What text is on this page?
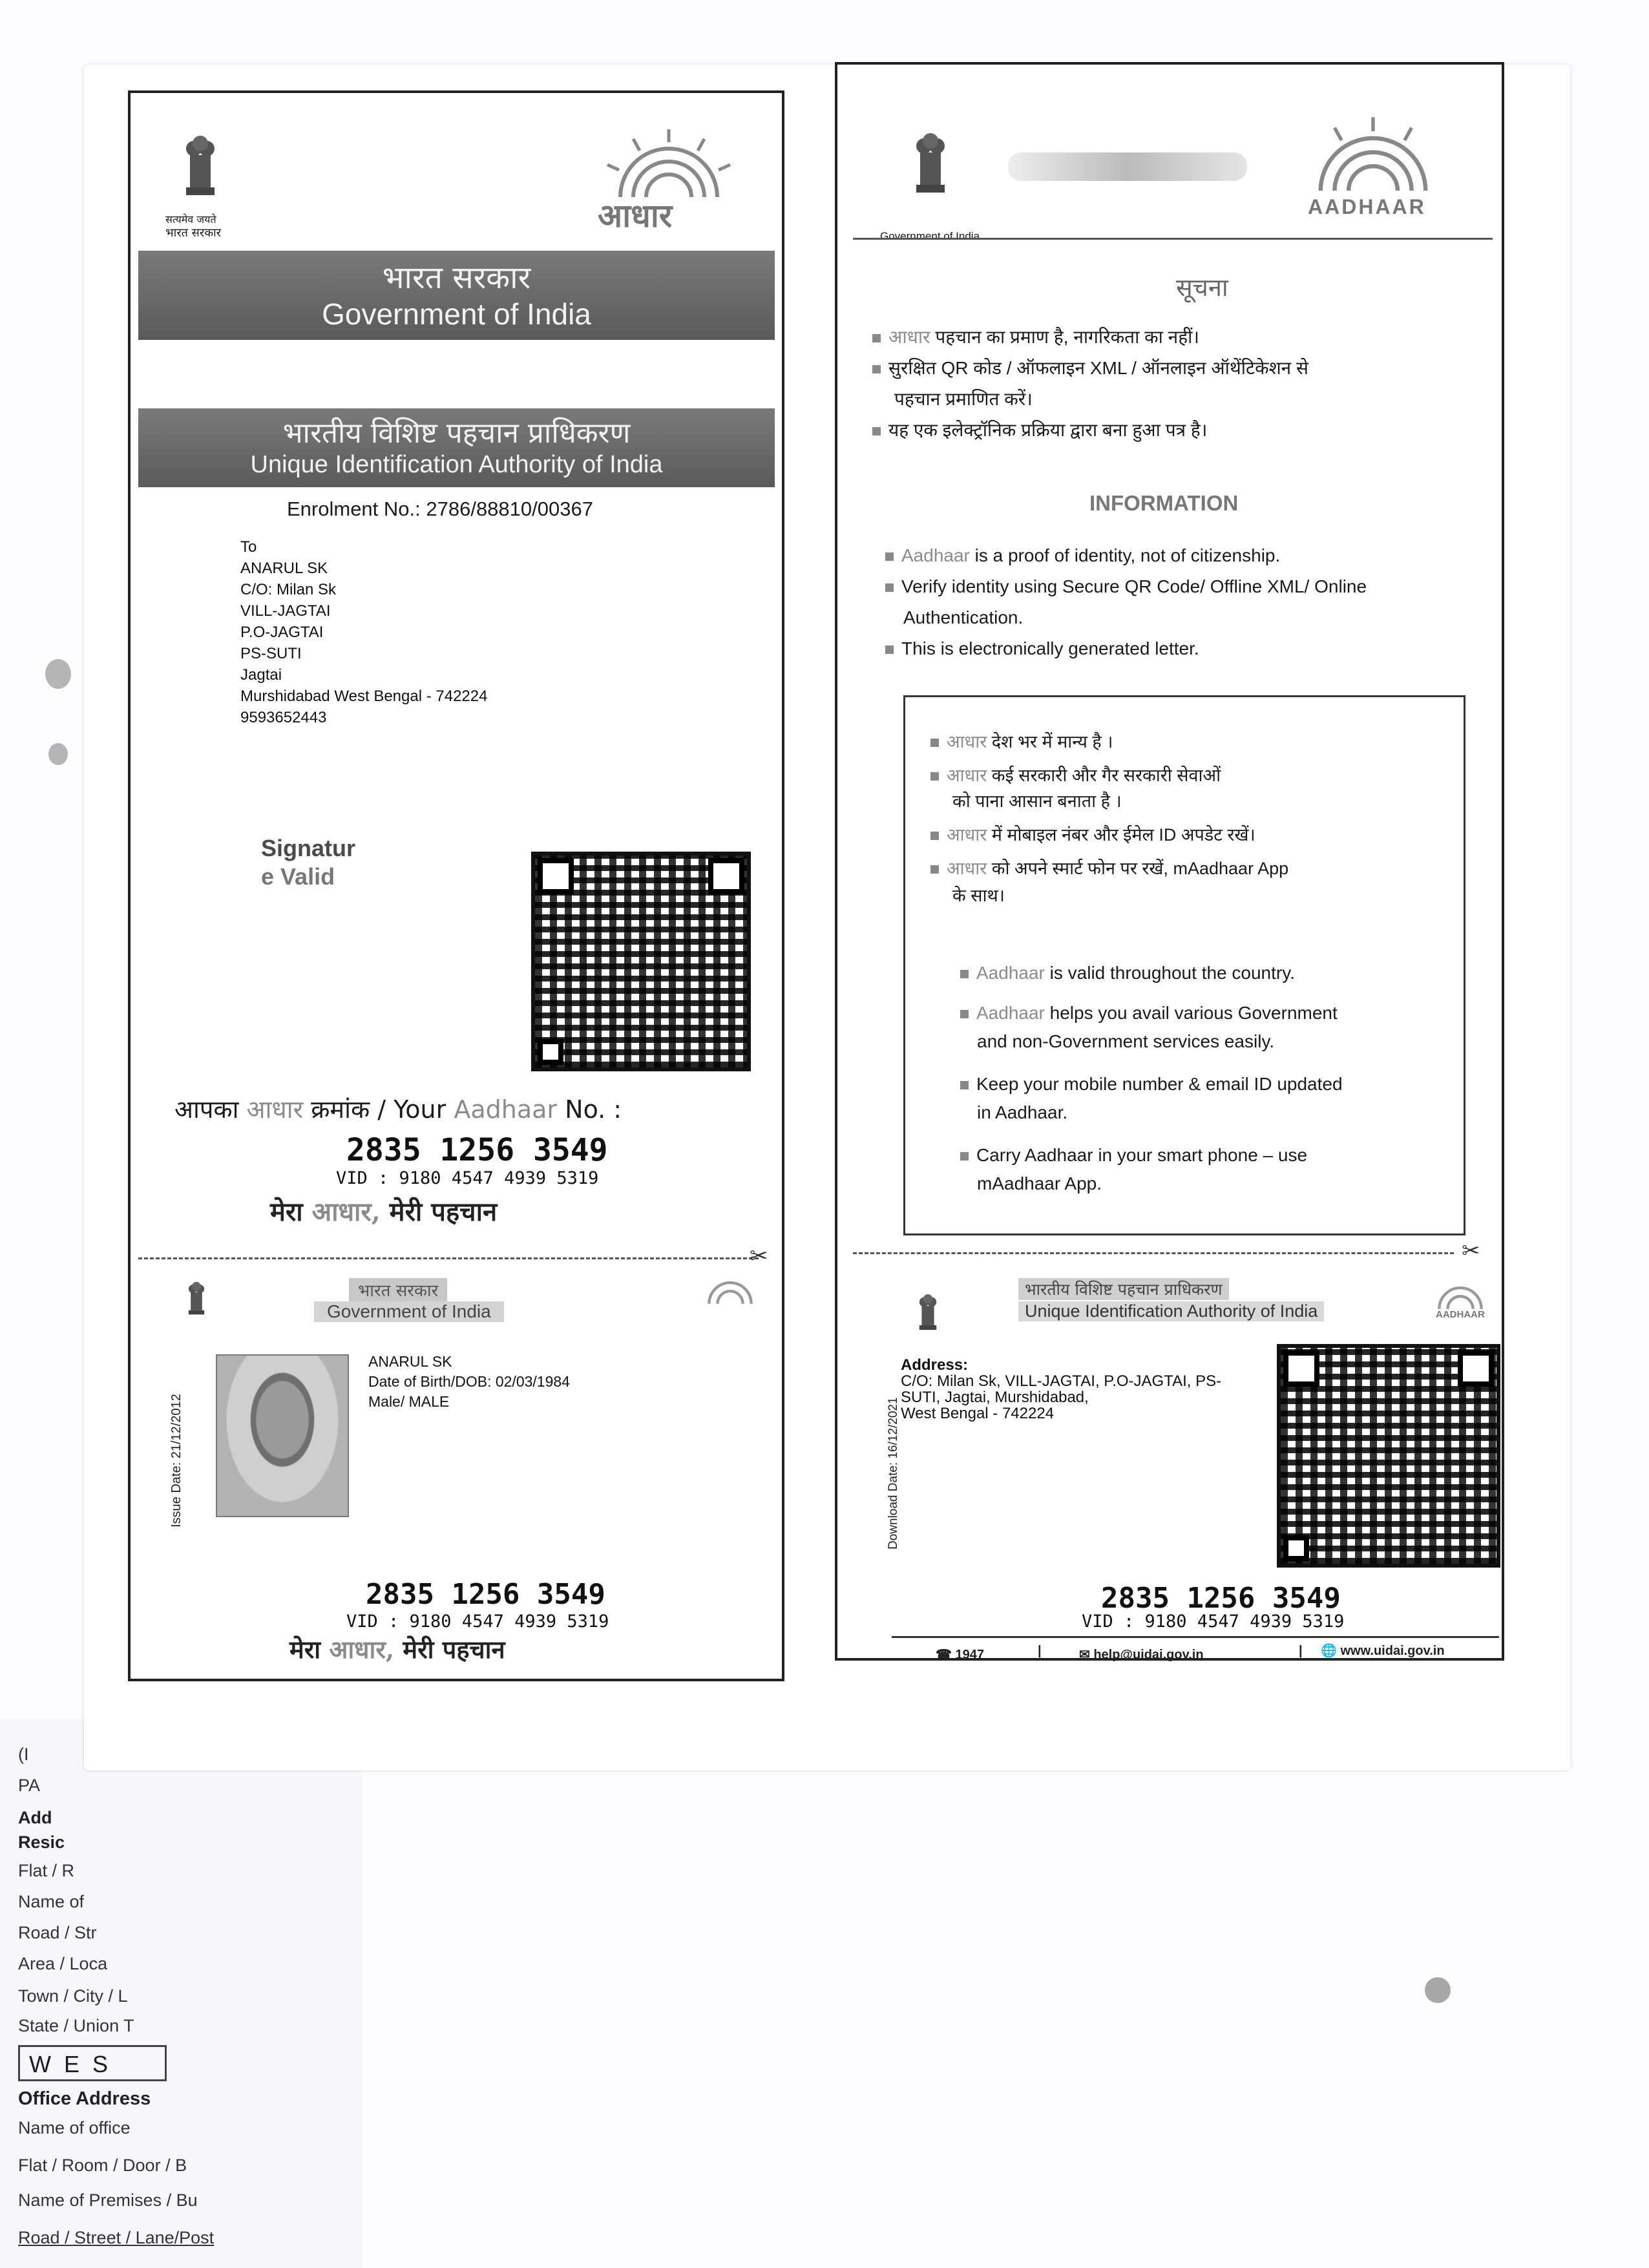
(I
PA
Add
Resic
Flat / R
Name of
Road / Str
Area / Loca
Town / City / L
State / Union T
WES
Office Address
Name of office
Flat / Room / Door / B
Name of Premises / Bu
Road / Street / Lane/Post
सत्यमेव जयते
भारत सरकार	आधार
भारत सरकार
Government of India
भारतीय विशिष्ट पहचान प्राधिकरण
Unique Identification Authority of India
Enrolment No.: 2786/88810/00367
To
ANARUL SK
C/O: Milan Sk
VILL-JAGTAI
P.O-JAGTAI
PS-SUTI
Jagtai
Murshidabad West Bengal - 742224
9593652443
Signatur
e Valid
आपका आधार क्रमांक / Your Aadhaar No. :
2835 1256 3549
VID : 9180 4547 4939 5319
मेरा आधार, मेरी पहचान
✂
भारत सरकार
Government of India
ANARUL SK
Date of Birth/DOB: 02/03/1984
Male/ MALE
Issue Date: 21/12/2012
2835 1256 3549
VID : 9180 4547 4939 5319
मेरा आधार, मेरी पहचान
Government of India
AADHAAR
सूचना
आधार पहचान का प्रमाण है, नागरिकता का नहीं।
सुरक्षित QR कोड / ऑफलाइन XML / ऑनलाइन ऑथेंटिकेशन से
पहचान प्रमाणित करें।
यह एक इलेक्ट्रॉनिक प्रक्रिया द्वारा बना हुआ पत्र है।
INFORMATION
Aadhaar is a proof of identity, not of citizenship.
Verify identity using Secure QR Code/ Offline XML/ Online
Authentication.
This is electronically generated letter.
आधार देश भर में मान्य है ।
आधार कई सरकारी और गैर सरकारी सेवाओं
को पाना आसान बनाता है ।
आधार में मोबाइल नंबर और ईमेल ID अपडेट रखें।
आधार को अपने स्मार्ट फोन पर रखें, mAadhaar App
के साथ।
Aadhaar is valid throughout the country.
Aadhaar helps you avail various Government
and non-Government services easily.
Keep your mobile number & email ID updated
in Aadhaar.
Carry Aadhaar in your smart phone – use
mAadhaar App.
✂
भारतीय विशिष्ट पहचान प्राधिकरण
Unique Identification Authority of India	AADHAAR
Address:
C/O: Milan Sk, VILL-JAGTAI, P.O-JAGTAI, PS-
SUTI, Jagtai, Murshidabad,
West Bengal - 742224
Download Date: 16/12/2021
2835 1256 3549
VID : 9180 4547 4939 5319
☎ 1947	|	✉ help@uidai.gov.in	| 🌐 www.uidai.gov.in
